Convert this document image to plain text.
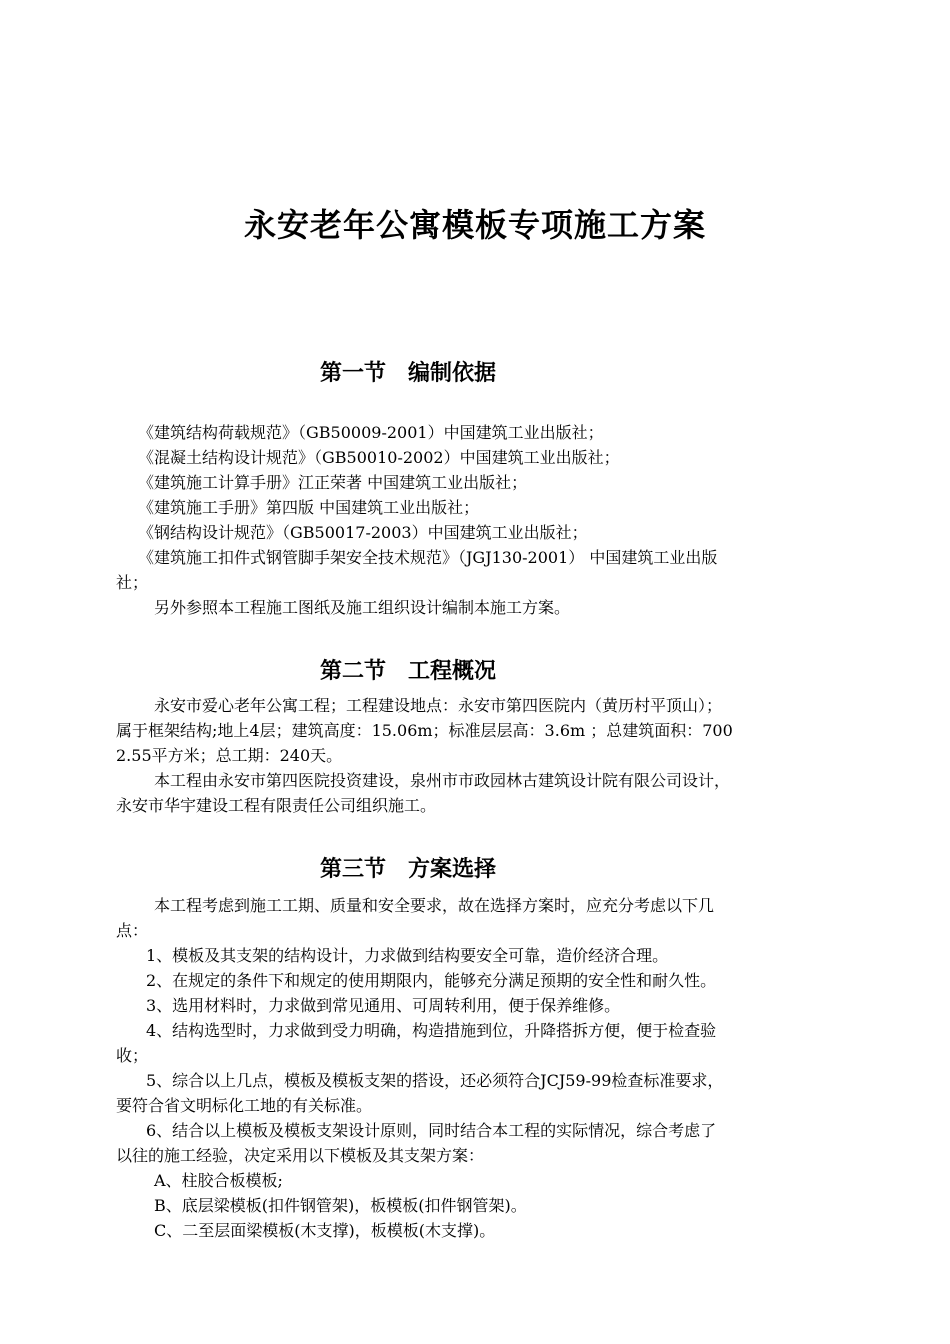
永安老年公寓模板专项施工方案
第一节　编制依据
《建筑结构荷载规范》（GB50009-2001）中国建筑工业出版社；
《混凝土结构设计规范》（GB50010-2002）中国建筑工业出版社；
《建筑施工计算手册》江正荣著 中国建筑工业出版社；
《建筑施工手册》第四版 中国建筑工业出版社；
《钢结构设计规范》（GB50017-2003）中国建筑工业出版社；
《建筑施工扣件式钢管脚手架安全技术规范》（JGJ130-2001） 中国建筑工业出版
社；
另外参照本工程施工图纸及施工组织设计编制本施工方案。
第二节　工程概况
永安市爱心老年公寓工程；工程建设地点：永安市第四医院内（黄历村平顶山）；
属于框架结构;地上4层；建筑高度：15.06m；标准层层高：3.6m ；总建筑面积：700
2.55平方米；总工期：240天。
本工程由永安市第四医院投资建设，泉州市市政园林古建筑设计院有限公司设计，
永安市华宇建设工程有限责任公司组织施工。
第三节　方案选择
本工程考虑到施工工期、质量和安全要求，故在选择方案时，应充分考虑以下几
点：
1、模板及其支架的结构设计，力求做到结构要安全可靠，造价经济合理。
2、在规定的条件下和规定的使用期限内，能够充分满足预期的安全性和耐久性。
3、选用材料时，力求做到常见通用、可周转利用，便于保养维修。
4、结构选型时，力求做到受力明确，构造措施到位，升降搭拆方便，便于检查验
收；
5、综合以上几点，模板及模板支架的搭设，还必须符合JCJ59-99检查标准要求，
要符合省文明标化工地的有关标准。
6、结合以上模板及模板支架设计原则，同时结合本工程的实际情况，综合考虑了
以往的施工经验，决定采用以下模板及其支架方案：
A、柱胶合板模板;
B、底层梁模板(扣件钢管架)，板模板(扣件钢管架)。
C、二至层面梁模板(木支撑)，板模板(木支撑)。
